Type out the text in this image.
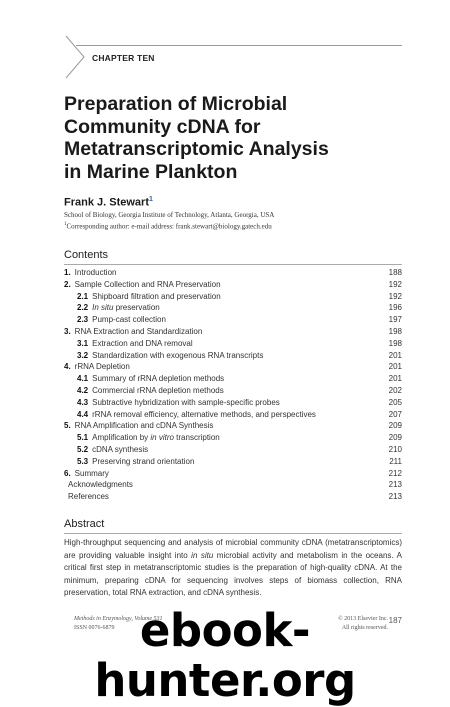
CHAPTER TEN
Preparation of Microbial
Community cDNA for
Metatranscriptomic Analysis
in Marine Plankton
Frank J. Stewart$^1$
School of Biology, Georgia Institute of Technology, Atlanta, Georgia, USA
$^1$Corresponding author: e-mail address: frank.stewart@biology.gatech.edu
Contents
1. Introduction	188
2. Sample Collection and RNA Preservation	192
2.1 Shipboard filtration and preservation	192
2.2 In situ preservation	196
2.3 Pump-cast collection	197
3. RNA Extraction and Standardization	198
3.1 Extraction and DNA removal	198
3.2 Standardization with exogenous RNA transcripts	201
4. rRNA Depletion	201
4.1 Summary of rRNA depletion methods	201
4.2 Commercial rRNA depletion methods	202
4.3 Subtractive hybridization with sample-specific probes	205
4.4 rRNA removal efficiency, alternative methods, and perspectives	207
5. RNA Amplification and cDNA Synthesis	209
5.1 Amplification by in vitro transcription	209
5.2 cDNA synthesis	210
5.3 Preserving strand orientation	211
6. Summary	212
Acknowledgments	213
References	213
Abstract

High-throughput sequencing and analysis of microbial community cDNA (metatranscriptomics) are providing valuable insight into in situ microbial activity and metabolism in the oceans. A critical first step in metatranscriptomic studies is the preparation of high-quality cDNA. At the minimum, preparing cDNA for sequencing involves steps of biomass collection, RNA preservation, total RNA extraction, and cDNA synthesis.

Methods in Enzymology, Volume 531
ISSN 0076-6879
© 2013 Elsevier Inc.
All rights reserved.
187
ebook-hunter.org
